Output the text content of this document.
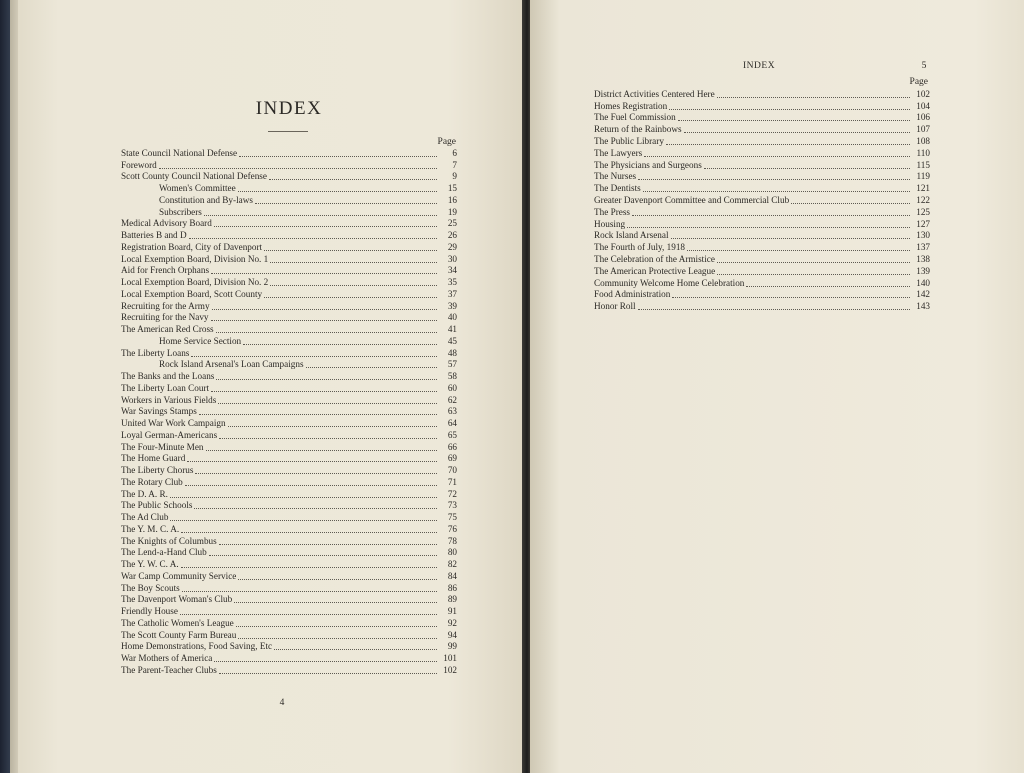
INDEX
Page
State Council National Defense	6
Foreword	7
Scott County Council National Defense	9
Women's Committee	15
Constitution and By-laws	16
Subscribers	19
Medical Advisory Board	25
Batteries B and D	26
Registration Board, City of Davenport	29
Local Exemption Board, Division No. 1	30
Aid for French Orphans	34
Local Exemption Board, Division No. 2	35
Local Exemption Board, Scott County	37
Recruiting for the Army	39
Recruiting for the Navy	40
The American Red Cross	41
Home Service Section	45
The Liberty Loans	48
Rock Island Arsenal's Loan Campaigns	57
The Banks and the Loans	58
The Liberty Loan Court	60
Workers in Various Fields	62
War Savings Stamps	63
United War Work Campaign	64
Loyal German-Americans	65
The Four-Minute Men	66
The Home Guard	69
The Liberty Chorus	70
The Rotary Club	71
The D. A. R.	72
The Public Schools	73
The Ad Club	75
The Y. M. C. A.	76
The Knights of Columbus	78
The Lend-a-Hand Club	80
The Y. W. C. A.	82
War Camp Community Service	84
The Boy Scouts	86
The Davenport Woman's Club	89
Friendly House	91
The Catholic Women's League	92
The Scott County Farm Bureau	94
Home Demonstrations, Food Saving, Etc	99
War Mothers of America	101
The Parent-Teacher Clubs	102
4
INDEX	5
Page
District Activities Centered Here	102
Homes Registration	104
The Fuel Commission	106
Return of the Rainbows	107
The Public Library	108
The Lawyers	110
The Physicians and Surgeons	115
The Nurses	119
The Dentists	121
Greater Davenport Committee and Commercial Club	122
The Press	125
Housing	127
Rock Island Arsenal	130
The Fourth of July, 1918	137
The Celebration of the Armistice	138
The American Protective League	139
Community Welcome Home Celebration	140
Food Administration	142
Honor Roll	143
